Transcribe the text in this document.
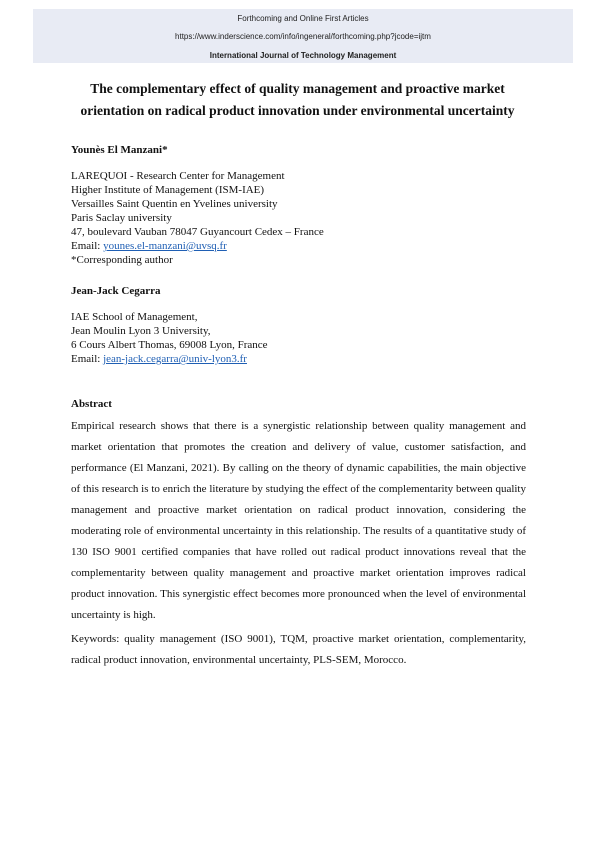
Forthcoming and Online First Articles
https://www.inderscience.com/info/ingeneral/forthcoming.php?jcode=ijtm
International Journal of Technology Management
The complementary effect of quality management and proactive market
orientation on radical product innovation under environmental uncertainty
Younès El Manzani*
LAREQUOI - Research Center for Management
Higher Institute of Management (ISM-IAE)
Versailles Saint Quentin en Yvelines university
Paris Saclay university
47, boulevard Vauban 78047 Guyancourt Cedex – France
Email: younes.el-manzani@uvsq.fr
*Corresponding author
Jean-Jack Cegarra
IAE School of Management,
Jean Moulin Lyon 3 University,
6 Cours Albert Thomas, 69008 Lyon, France
Email: jean-jack.cegarra@univ-lyon3.fr
Abstract

Empirical research shows that there is a synergistic relationship between quality management and market orientation that promotes the creation and delivery of value, customer satisfaction, and performance (El Manzani, 2021). By calling on the theory of dynamic capabilities, the main objective of this research is to enrich the literature by studying the effect of the complementarity between quality management and proactive market orientation on radical product innovation, considering the moderating role of environmental uncertainty in this relationship. The results of a quantitative study of 130 ISO 9001 certified companies that have rolled out radical product innovations reveal that the complementarity between quality management and proactive market orientation improves radical product innovation. This synergistic effect becomes more pronounced when the level of environmental uncertainty is high.

Keywords: quality management (ISO 9001), TQM, proactive market orientation, complementarity, radical product innovation, environmental uncertainty, PLS-SEM, Morocco.
